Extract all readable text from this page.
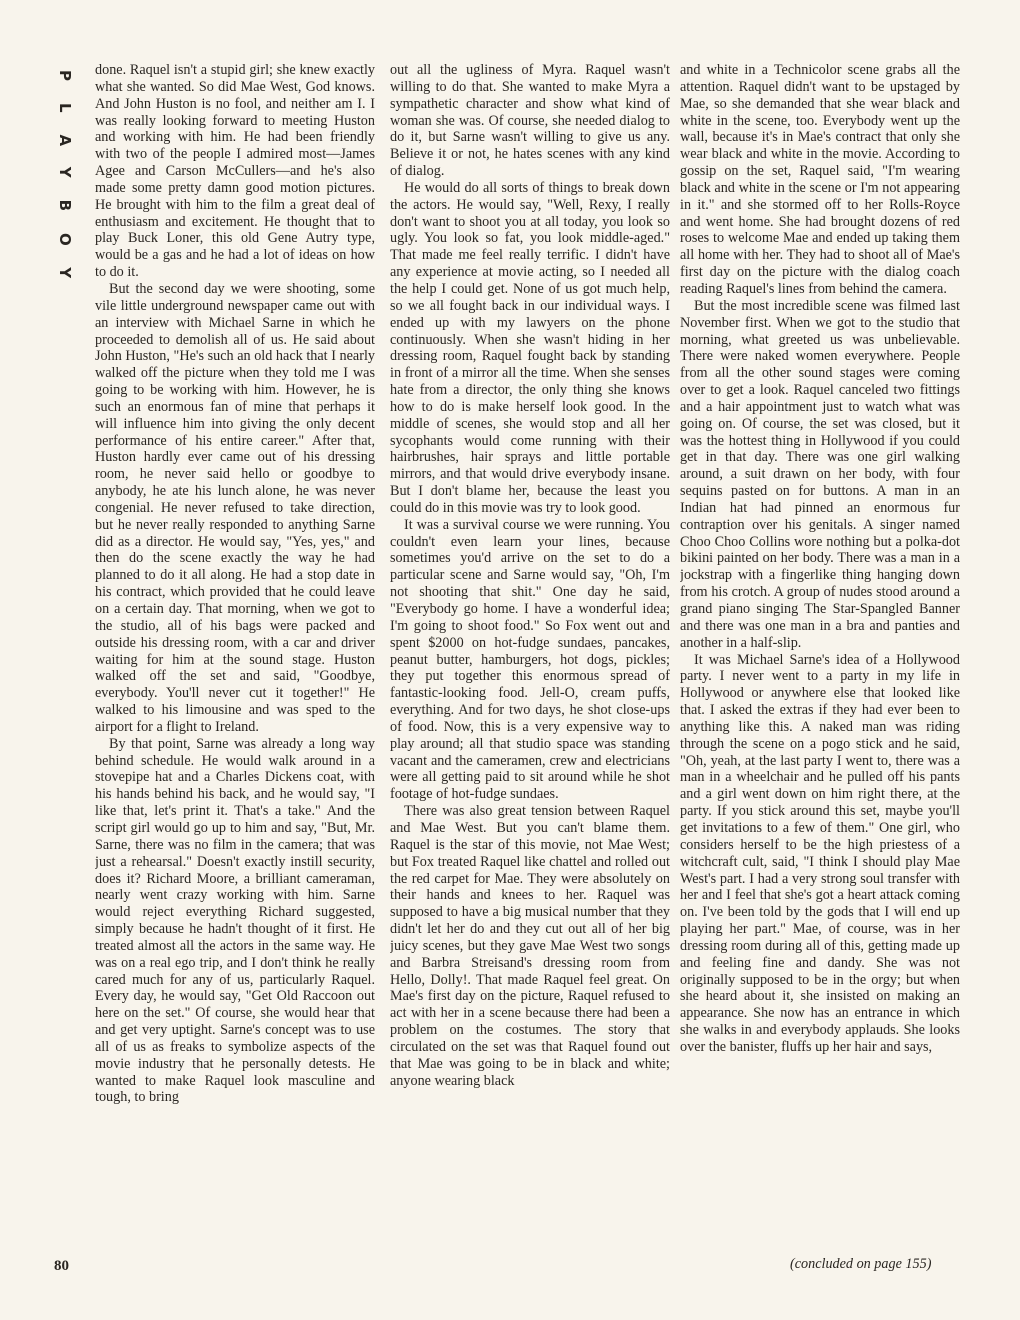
PLAYBOY done. Raquel isn't a stupid girl; she knew exactly what she wanted. So did Mae West, God knows. And John Huston is no fool, and neither am I. I was really looking forward to meeting Huston and working with him. He had been friendly with two of the people I admired most—James Agee and Carson McCullers—and he's also made some pretty damn good motion pictures. He brought with him to the film a great deal of enthusiasm and excitement. He thought that to play Buck Loner, this old Gene Autry type, would be a gas and he had a lot of ideas on how to do it.

But the second day we were shooting, some vile little underground newspaper came out with an interview with Michael Sarne in which he proceeded to demolish all of us. He said about John Huston, "He's such an old hack that I nearly walked off the picture when they told me I was going to be working with him. However, he is such an enormous fan of mine that perhaps it will influence him into giving the only decent performance of his entire career." After that, Huston hardly ever came out of his dressing room, he never said hello or goodbye to anybody, he ate his lunch alone, he was never congenial. He never refused to take direction, but he never really responded to anything Sarne did as a director. He would say, "Yes, yes," and then do the scene exactly the way he had planned to do it all along. He had a stop date in his contract, which provided that he could leave on a certain day. That morning, when we got to the studio, all of his bags were packed and outside his dressing room, with a car and driver waiting for him at the sound stage. Huston walked off the set and said, "Goodbye, everybody. You'll never cut it together!" He walked to his limousine and was sped to the airport for a flight to Ireland.

By that point, Sarne was already a long way behind schedule. He would walk around in a stovepipe hat and a Charles Dickens coat, with his hands behind his back, and he would say, "I like that, let's print it. That's a take." And the script girl would go up to him and say, "But, Mr. Sarne, there was no film in the camera; that was just a rehearsal." Doesn't exactly instill security, does it? Richard Moore, a brilliant cameraman, nearly went crazy working with him. Sarne would reject everything Richard suggested, simply because he hadn't thought of it first. He treated almost all the actors in the same way. He was on a real ego trip, and I don't think he really cared much for any of us, particularly Raquel. Every day, he would say, "Get Old Raccoon out here on the set." Of course, she would hear that and get very uptight. Sarne's concept was to use all of us as freaks to symbolize aspects of the movie industry that he personally detests. He wanted to make Raquel look masculine and tough, to bring

out all the ugliness of Myra. Raquel wasn't willing to do that. She wanted to make Myra a sympathetic character and show what kind of woman she was. Of course, she needed dialog to do it, but Sarne wasn't willing to give us any. Believe it or not, he hates scenes with any kind of dialog.

He would do all sorts of things to break down the actors. He would say, "Well, Rexy, I really don't want to shoot you at all today, you look so ugly. You look so fat, you look middle-aged." That made me feel really terrific. I didn't have any experience at movie acting, so I needed all the help I could get. None of us got much help, so we all fought back in our individual ways. I ended up with my lawyers on the phone continuously. When she wasn't hiding in her dressing room, Raquel fought back by standing in front of a mirror all the time. When she senses hate from a director, the only thing she knows how to do is make herself look good. In the middle of scenes, she would stop and all her sycophants would come running with their hairbrushes, hair sprays and little portable mirrors, and that would drive everybody insane. But I don't blame her, because the least you could do in this movie was try to look good.

It was a survival course we were running. You couldn't even learn your lines, because sometimes you'd arrive on the set to do a particular scene and Sarne would say, "Oh, I'm not shooting that shit." One day he said, "Everybody go home. I have a wonderful idea; I'm going to shoot food." So Fox went out and spent $2000 on hot-fudge sundaes, pancakes, peanut butter, hamburgers, hot dogs, pickles; they put together this enormous spread of fantastic-looking food. Jell-O, cream puffs, everything. And for two days, he shot close-ups of food. Now, this is a very expensive way to play around; all that studio space was standing vacant and the cameramen, crew and electricians were all getting paid to sit around while he shot footage of hot-fudge sundaes.

There was also great tension between Raquel and Mae West. But you can't blame them. Raquel is the star of this movie, not Mae West; but Fox treated Raquel like chattel and rolled out the red carpet for Mae. They were absolutely on their hands and knees to her. Raquel was supposed to have a big musical number that they didn't let her do and they cut out all of her big juicy scenes, but they gave Mae West two songs and Barbra Streisand's dressing room from Hello, Dolly!. That made Raquel feel great. On Mae's first day on the picture, Raquel refused to act with her in a scene because there had been a problem on the costumes. The story that circulated on the set was that Raquel found out that Mae was going to be in black and white; anyone wearing black

and white in a Technicolor scene grabs all the attention. Raquel didn't want to be upstaged by Mae, so she demanded that she wear black and white in the scene, too. Everybody went up the wall, because it's in Mae's contract that only she wear black and white in the movie. According to gossip on the set, Raquel said, "I'm wearing black and white in the scene or I'm not appearing in it." and she stormed off to her Rolls-Royce and went home. She had brought dozens of red roses to welcome Mae and ended up taking them all home with her. They had to shoot all of Mae's first day on the picture with the dialog coach reading Raquel's lines from behind the camera.

But the most incredible scene was filmed last November first. When we got to the studio that morning, what greeted us was unbelievable. There were naked women everywhere. People from all the other sound stages were coming over to get a look. Raquel canceled two fittings and a hair appointment just to watch what was going on. Of course, the set was closed, but it was the hottest thing in Hollywood if you could get in that day. There was one girl walking around, a suit drawn on her body, with four sequins pasted on for buttons. A man in an Indian hat had pinned an enormous fur contraption over his genitals. A singer named Choo Choo Collins wore nothing but a polka-dot bikini painted on her body. There was a man in a jockstrap with a fingerlike thing hanging down from his crotch. A group of nudes stood around a grand piano singing The Star-Spangled Banner and there was one man in a bra and panties and another in a half-slip.

It was Michael Sarne's idea of a Hollywood party. I never went to a party in my life in Hollywood or anywhere else that looked like that. I asked the extras if they had ever been to anything like this. A naked man was riding through the scene on a pogo stick and he said, "Oh, yeah, at the last party I went to, there was a man in a wheelchair and he pulled off his pants and a girl went down on him right there, at the party. If you stick around this set, maybe you'll get invitations to a few of them." One girl, who considers herself to be the high priestess of a witchcraft cult, said, "I think I should play Mae West's part. I had a very strong soul transfer with her and I feel that she's got a heart attack coming on. I've been told by the gods that I will end up playing her part." Mae, of course, was in her dressing room during all of this, getting made up and feeling fine and dandy. She was not originally supposed to be in the orgy; but when she heard about it, she insisted on making an appearance. She now has an entrance in which she walks in and everybody applauds. She looks over the banister, fluffs up her hair and says,

80	(concluded on page 155)
